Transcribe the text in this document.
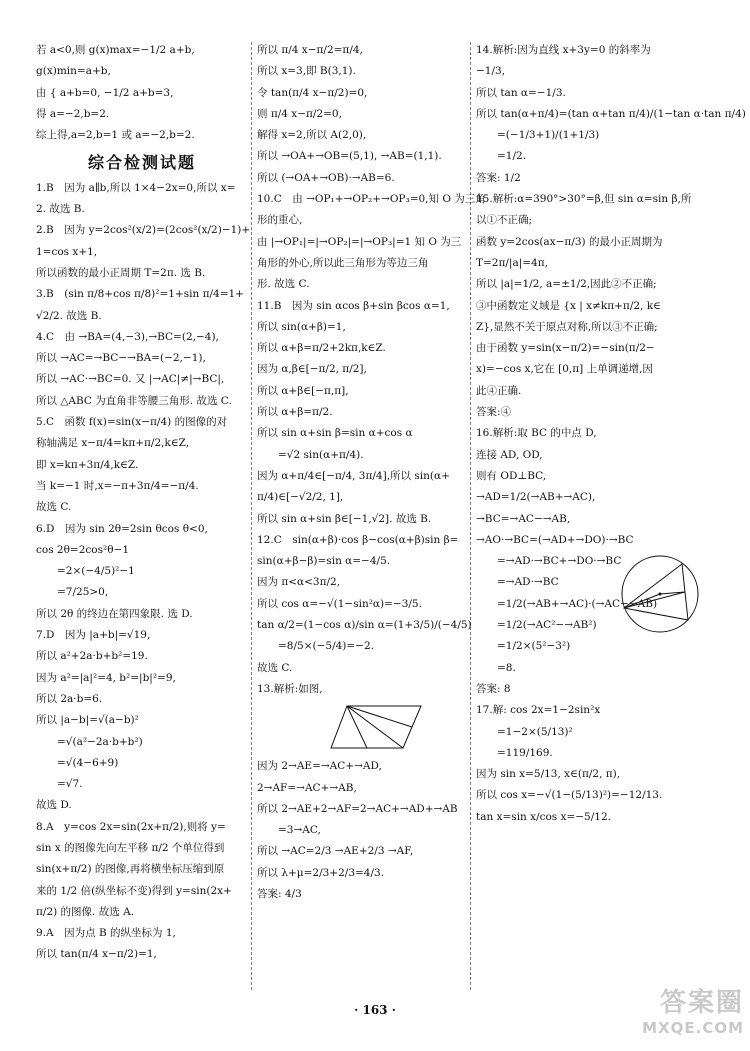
若 a<0,则 g(x)max=−1/2 a+b,
g(x)min=a+b,
由 { a+b=0, −1/2 a+b=3,
得 a=−2,b=2.
综上得,a=2,b=1 或 a=−2,b=2.
综合检测试题
1.B　因为 a∥b,所以 1×4−2x=0,所以 x=
2. 故选 B.
2.B　因为 y=2cos²(x/2)=(2cos²(x/2)−1)+
1=cos x+1,
所以函数的最小正周期 T=2π. 选 B.
3.B　(sin π/8+cos π/8)²=1+sin π/4=1+
√2/2. 故选 B.
4.C　由 →BA=(4,−3),→BC=(2,−4),
所以 →AC=→BC−→BA=(−2,−1),
所以 →AC·→BC=0. 又 |→AC|≠|→BC|,
所以 △ABC 为直角非等腰三角形. 故选 C.
5.C　函数 f(x)=sin(x−π/4) 的图像的对
称轴满足 x−π/4=kπ+π/2,k∈Z,
即 x=kπ+3π/4,k∈Z.
当 k=−1 时,x=−π+3π/4=−π/4.
故选 C.
6.D　因为 sin 2θ=2sin θcos θ<0,
cos 2θ=2cos²θ−1
　　=2×(−4/5)²−1
　　=7/25>0,
所以 2θ 的终边在第四象限. 选 D.
7.D　因为 |a+b|=√19,
所以 a²+2a·b+b²=19.
因为 a²=|a|²=4, b²=|b|²=9,
所以 2a·b=6.
所以 |a−b|=√(a−b)²
　　=√(a²−2a·b+b²)
　　=√(4−6+9)
　　=√7.
故选 D.
8.A　y=cos 2x=sin(2x+π/2),则将 y=
sin x 的图像先向左平移 π/2 个单位得到
sin(x+π/2) 的图像,再将横坐标压缩到原
来的 1/2 倍(纵坐标不变)得到 y=sin(2x+
π/2) 的图像. 故选 A.
9.A　因为点 B 的纵坐标为 1,
所以 tan(π/4 x−π/2)=1,
所以 π/4 x−π/2=π/4,
所以 x=3,即 B(3,1).
令 tan(π/4 x−π/2)=0,
则 π/4 x−π/2=0,
解得 x=2,所以 A(2,0),
所以 →OA+→OB=(5,1), →AB=(1,1).
所以 (→OA+→OB)·→AB=6.
10.C　由 →OP₁+→OP₂+→OP₃=0,知 O 为三角
形的重心,
由 |→OP₁|=|→OP₂|=|→OP₃|=1 知 O 为三
角形的外心,所以此三角形为等边三角
形. 故选 C.
11.B　因为 sin αcos β+sin βcos α=1,
所以 sin(α+β)=1,
所以 α+β=π/2+2kπ,k∈Z.
因为 α,β∈[−π/2, π/2],
所以 α+β∈[−π,π],
所以 α+β=π/2.
所以 sin α+sin β=sin α+cos α
　　=√2 sin(α+π/4).
因为 α+π/4∈[−π/4, 3π/4],所以 sin(α+
π/4)∈[−√2/2, 1],
所以 sin α+sin β∈[−1,√2]. 故选 B.
12.C　sin(α+β)·cos β−cos(α+β)sin β=
sin(α+β−β)=sin α=−4/5.
因为 π<α<3π/2,
所以 cos α=−√(1−sin²α)=−3/5.
tan α/2=(1−cos α)/sin α=(1+3/5)/(−4/5)
　　=8/5×(−5/4)=−2.
故选 C.
13.解析:如图,
因为 2→AE=→AC+→AD,
2→AF=→AC+→AB,
所以 2→AE+2→AF=2→AC+→AD+→AB
　　=3→AC,
所以 →AC=2/3 →AE+2/3 →AF,
所以 λ+μ=2/3+2/3=4/3.
答案: 4/3
14.解析:因为直线 x+3y=0 的斜率为
−1/3,
所以 tan α=−1/3.
所以 tan(α+π/4)=(tan α+tan π/4)/(1−tan α·tan π/4)
　　=(−1/3+1)/(1+1/3)
　　=1/2.
答案: 1/2
15.解析:α=390°>30°=β,但 sin α=sin β,所
以①不正确;
函数 y=2cos(ax−π/3) 的最小正周期为
T=2π/|a|=4π,
所以 |a|=1/2, a=±1/2,因此②不正确;
③中函数定义域是 {x | x≠kπ+π/2, k∈
Z},显然不关于原点对称,所以③不正确;
由于函数 y=sin(x−π/2)=−sin(π/2−
x)=−cos x,它在 [0,π] 上单调递增,因
此④正确.
答案:④
16.解析:取 BC 的中点 D,
连接 AD, OD,
则有 OD⊥BC,
→AD=1/2(→AB+→AC),
→BC=→AC−→AB,
→AO·→BC=(→AD+→DO)·→BC
　　=→AD·→BC+→DO·→BC
　　=→AD·→BC
　　=1/2(→AB+→AC)·(→AC−→AB)
　　=1/2(→AC²−→AB²)
　　=1/2×(5²−3²)
　　=8.
答案: 8
17.解: cos 2x=1−2sin²x
　　=1−2×(5/13)²
　　=119/169.
因为 sin x=5/13, x∈(π/2, π),
所以 cos x=−√(1−(5/13)²)=−12/13.
tan x=sin x/cos x=−5/12.
· 163 ·	答案圈
MXQE.COM
